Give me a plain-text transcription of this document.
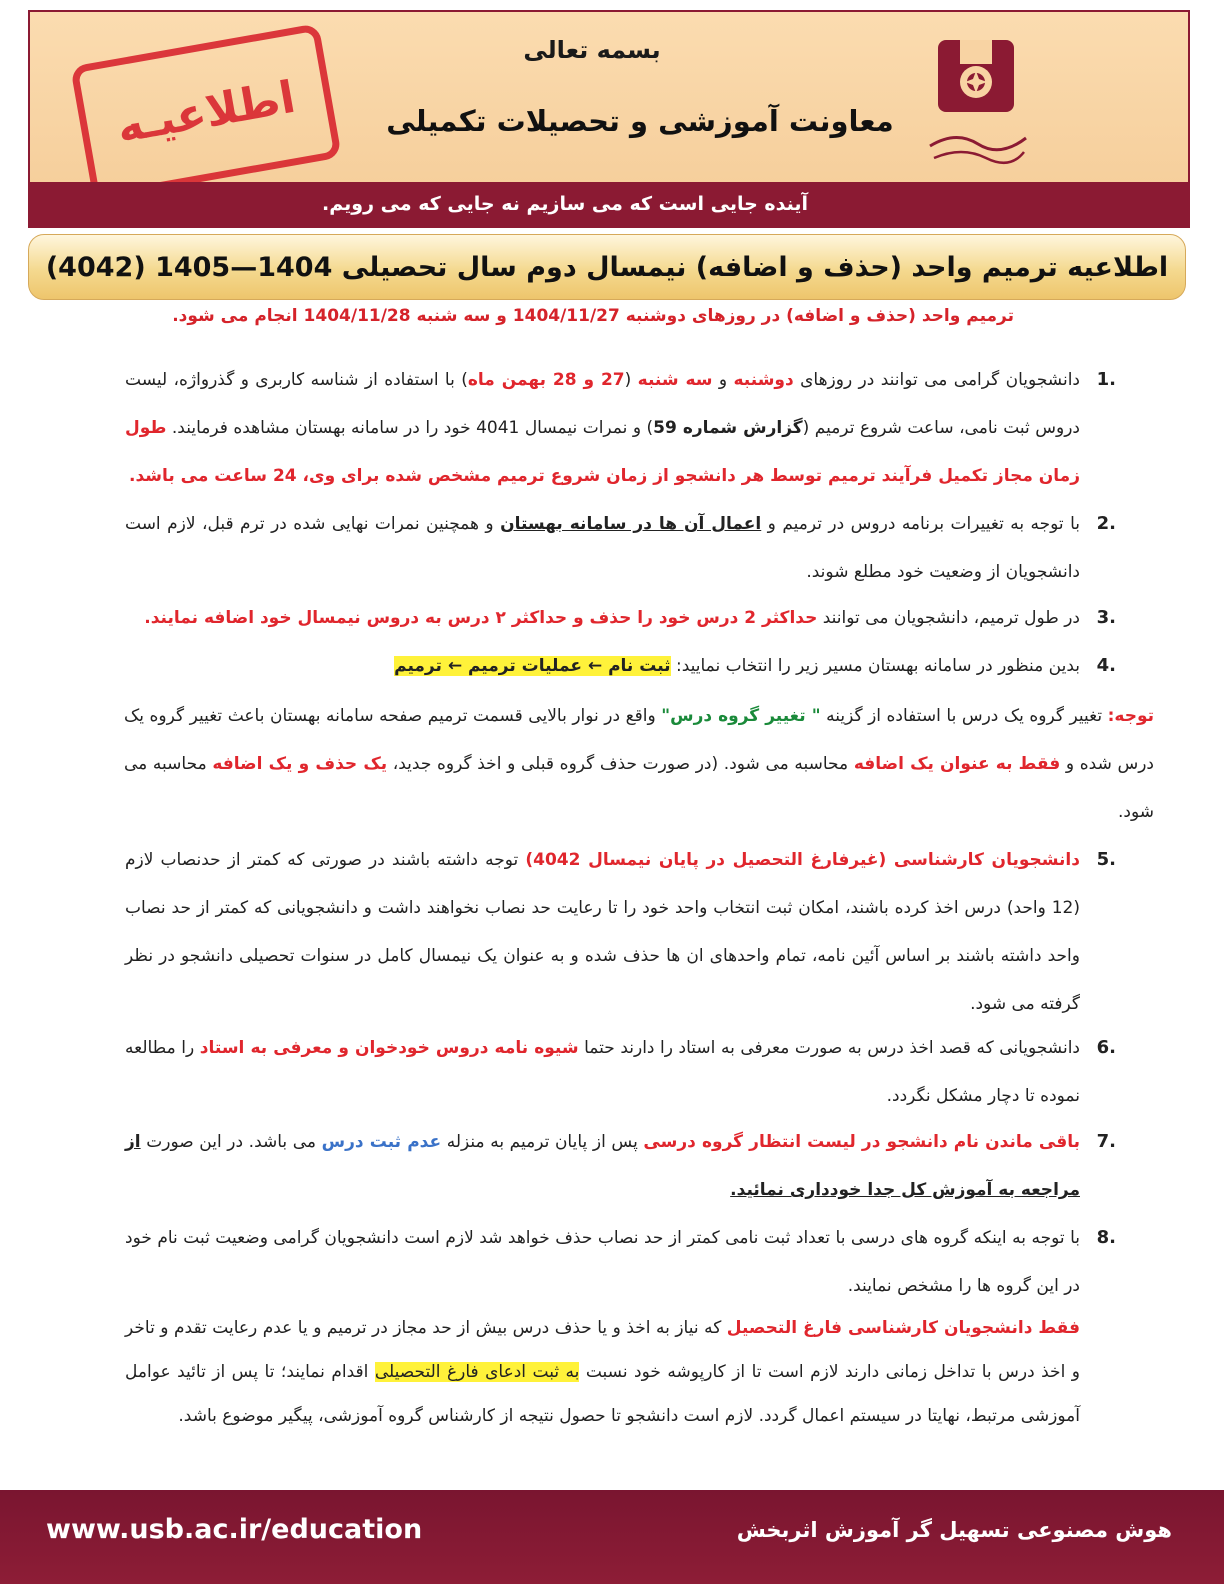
اطلاعیـه
بسمه تعالی
معاونت آموزشی و تحصیلات تکمیلی
آینده جایی است که می سازیم نه جایی که می رویم.
اطلاعیه ترمیم واحد (حذف و اضافه) نیمسال دوم سال تحصیلی 1404—1405 (4042)
ترمیم واحد (حذف و اضافه) در روزهای دوشنبه 1404/11/27 و سه شنبه 1404/11/28 انجام می شود.
1.
دانشجویان گرامی می توانند در روزهای دوشنبه و سه شنبه (27 و 28 بهمن ماه) با استفاده از شناسه کاربری و گذرواژه، لیست دروس ثبت نامی، ساعت شروع ترمیم (گزارش شماره 59) و نمرات نیمسال 4041 خود را در سامانه بهستان مشاهده فرمایند. طول زمان مجاز تکمیل فرآیند ترمیم توسط هر دانشجو از زمان شروع ترمیم مشخص شده برای وی، 24 ساعت می باشد.
2.
با توجه به تغییرات برنامه دروس در ترمیم و اعمال آن ها در سامانه بهستان و همچنین نمرات نهایی شده در ترم قبل، لازم است دانشجویان از وضعیت خود مطلع شوند.
3.
در طول ترمیم، دانشجویان می توانند حداکثر 2 درس خود را حذف و حداکثر ۲ درس به دروس نیمسال خود اضافه نمايند.
4.
بدین منظور در سامانه بهستان مسیر زیر را انتخاب نمایید: ثبت نام ← عملیات ترمیم ← ترمیم
توجه: تغییر گروه یک درس با استفاده از گزینه " تغییر گروه درس" واقع در نوار بالایی قسمت ترمیم صفحه سامانه بهستان باعث تغییر گروه یک درس شده و فقط به عنوان یک اضافه محاسبه می شود. (در صورت حذف گروه قبلی و اخذ گروه جدید، یک حذف و یک اضافه محاسبه می شود.
5.
دانشجویان کارشناسی (غیرفارغ التحصیل در پایان نیمسال 4042) توجه داشته باشند در صورتی که کمتر از حدنصاب لازم (12 واحد) درس اخذ کرده باشند، امکان ثبت انتخاب واحد خود را تا رعایت حد نصاب نخواهند داشت و دانشجویانی که کمتر از حد نصاب واحد داشته باشند بر اساس آئین نامه، تمام واحدهای ان ها حذف شده و به عنوان یک نیمسال کامل در سنوات تحصیلی دانشجو در نظر گرفته می شود.
6.
دانشجویانی که قصد اخذ درس به صورت معرفی به استاد را دارند حتما شیوه نامه دروس خودخوان و معرفی به استاد را مطالعه نموده تا دچار مشکل نگردد.
7.
باقی ماندن نام دانشجو در لیست انتظار گروه درسی پس از پایان ترمیم به منزله عدم ثبت درس می باشد. در این صورت از مراجعه به آموزش کل جدا خودداری نمائید.
8.
با توجه به اینکه گروه های درسی با تعداد ثبت نامی کمتر از حد نصاب حذف خواهد شد لازم است دانشجویان گرامی وضعیت ثبت نام خود در این گروه ها را مشخص نمایند.
فقط دانشجویان کارشناسی فارغ التحصیل که نیاز به اخذ و یا حذف درس بیش از حد مجاز در ترمیم و یا عدم رعایت تقدم و تاخر و اخذ درس با تداخل زمانی دارند لازم است تا از کارپوشه خود نسبت به ثبت ادعای فارغ التحصیلی اقدام نمایند؛ تا پس از تائید عوامل آموزشی مرتبط، نهایتا در سیستم اعمال گردد. لازم است دانشجو تا حصول نتیجه از کارشناس گروه آموزشی، پیگیر موضوع باشد.
www.usb.ac.ir/education	هوش مصنوعی تسهیل گر آموزش اثربخش
